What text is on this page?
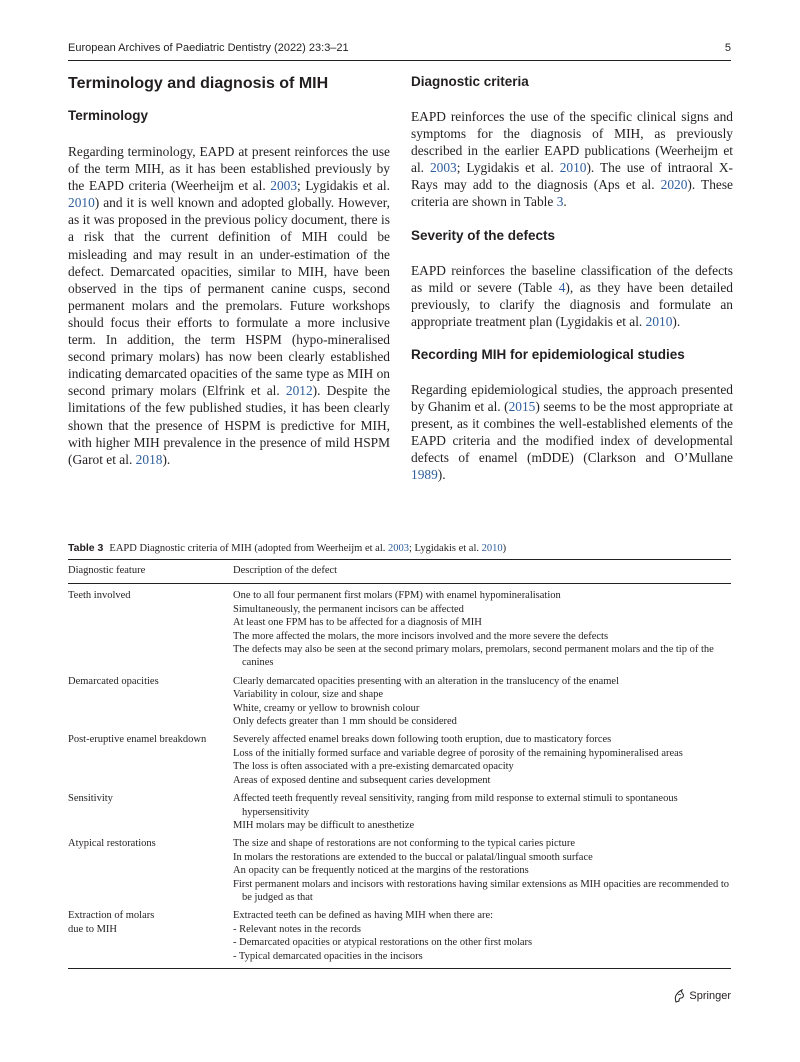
European Archives of Paediatric Dentistry (2022) 23:3–21	5
Terminology and diagnosis of MIH
Terminology

Regarding terminology, EAPD at present reinforces the use of the term MIH, as it has been established previously by the EAPD criteria (Weerheijm et al. 2003; Lygidakis et al. 2010) and it is well known and adopted globally. However, as it was proposed in the previous policy document, there is a risk that the current definition of MIH could be misleading and may result in an under-estimation of the defect. Demarcated opacities, similar to MIH, have been observed in the tips of permanent canine cusps, second permanent molars and the premolars. Future workshops should focus their efforts to formulate a more inclusive term. In addition, the term HSPM (hypo-mineralised second primary molars) has now been clearly established indicating demarcated opacities of the same type as MIH on second primary molars (Elfrink et al. 2012). Despite the limitations of the few published studies, it has been clearly shown that the presence of HSPM is predictive for MIH, with higher MIH prevalence in the presence of mild HSPM (Garot et al. 2018).

Diagnostic criteria

EAPD reinforces the use of the specific clinical signs and symptoms for the diagnosis of MIH, as previously described in the earlier EAPD publications (Weerheijm et al. 2003; Lygidakis et al. 2010). The use of intraoral X-Rays may add to the diagnosis (Aps et al. 2020). These criteria are shown in Table 3.

Severity of the defects

EAPD reinforces the baseline classification of the defects as mild or severe (Table 4), as they have been detailed previously, to clarify the diagnosis and formulate an appropriate treatment plan (Lygidakis et al. 2010).

Recording MIH for epidemiological studies

Regarding epidemiological studies, the approach presented by Ghanim et al. (2015) seems to be the most appropriate at present, as it combines the well-established elements of the EAPD criteria and the modified index of developmental defects of enamel (mDDE) (Clarkson and O’Mullane 1989).

Table 3 EAPD Diagnostic criteria of MIH (adopted from Weerheijm et al. 2003; Lygidakis et al. 2010)
Diagnostic feature	Description of the defect

Teeth involved	One to all four permanent first molars (FPM) with enamel hypomineralisation
Simultaneously, the permanent incisors can be affected
At least one FPM has to be affected for a diagnosis of MIH
The more affected the molars, the more incisors involved and the more severe the defects
The defects may also be seen at the second primary molars, premolars, second permanent molars and the tip of the canines

Demarcated opacities	Clearly demarcated opacities presenting with an alteration in the translucency of the enamel
Variability in colour, size and shape
White, creamy or yellow to brownish colour
Only defects greater than 1 mm should be considered

Post-eruptive enamel breakdown	Severely affected enamel breaks down following tooth eruption, due to masticatory forces
Loss of the initially formed surface and variable degree of porosity of the remaining hypomineralised areas
The loss is often associated with a pre-existing demarcated opacity
Areas of exposed dentine and subsequent caries development

Sensitivity	Affected teeth frequently reveal sensitivity, ranging from mild response to external stimuli to spontaneous hypersensitivity
MIH molars may be difficult to anesthetize

Atypical restorations	The size and shape of restorations are not conforming to the typical caries picture
In molars the restorations are extended to the buccal or palatal/lingual smooth surface
An opacity can be frequently noticed at the margins of the restorations
First permanent molars and incisors with restorations having similar extensions as MIH opacities are recommended to be judged as that

Extraction of molars
due to MIH	Extracted teeth can be defined as having MIH when there are:
- Relevant notes in the records
- Demarcated opacities or atypical restorations on the other first molars
- Typical demarcated opacities in the incisors
Springer
